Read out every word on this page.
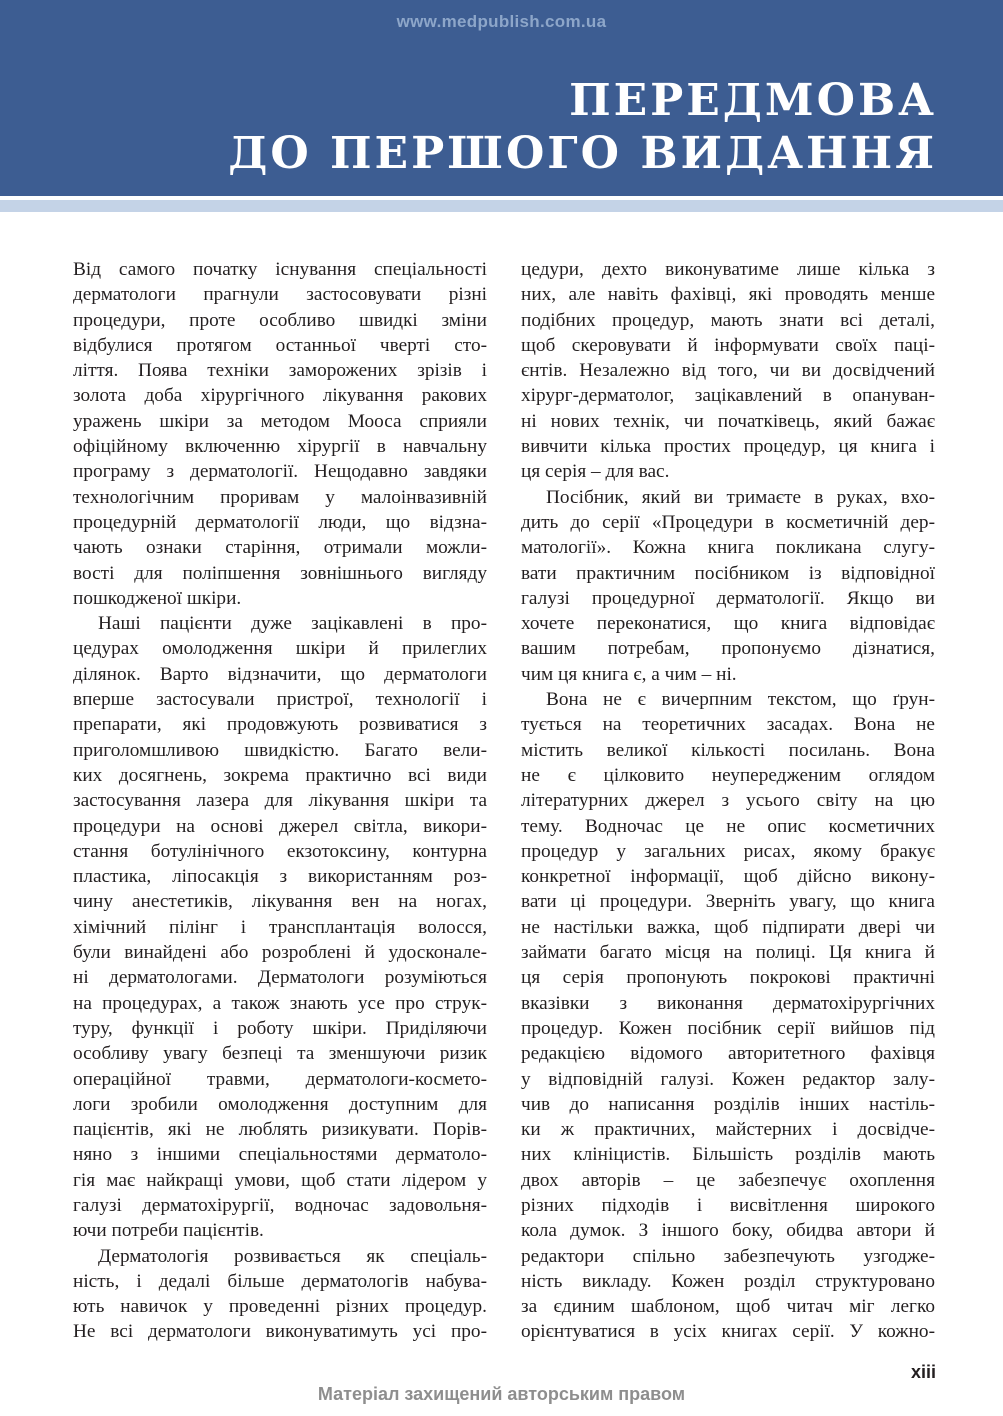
www.medpublish.com.ua
ПЕРЕДМОВА
ДО ПЕРШОГО ВИДАННЯ

Від самого початку існування спеціальності
дерматологи прагнули застосовувати різні
процедури, проте особливо швидкі зміни
відбулися протягом останньої чверті сто-
ліття. Поява техніки заморожених зрізів і
золота доба хірургічного лікування ракових
уражень шкіри за методом Мооса сприяли
офіційному включенню хірургії в навчальну
програму з дерматології. Нещодавно завдяки
технологічним проривам у малоінвазивній
процедурній дерматології люди, що відзна-
чають ознаки старіння, отримали можли-
вості для поліпшення зовнішнього вигляду
пошкодженої шкіри.

Наші пацієнти дуже зацікавлені в про-
цедурах омолодження шкіри й прилеглих
ділянок. Варто відзначити, що дерматологи
вперше застосували пристрої, технології і
препарати, які продовжують розвиватися з
приголомшливою швидкістю. Багато вели-
ких досягнень, зокрема практично всі види
застосування лазера для лікування шкіри та
процедури на основі джерел світла, викори-
стання ботулінічного екзотоксину, контурна
пластика, ліпосакція з використанням роз-
чину анестетиків, лікування вен на ногах,
хімічний пілінг і трансплантація волосся,
були винайдені або розроблені й удосконале-
ні дерматологами. Дерматологи розуміються
на процедурах, а також знають усе про струк-
туру, функції і роботу шкіри. Приділяючи
особливу увагу безпеці та зменшуючи ризик
операційної травми, дерматологи-космето-
логи зробили омолодження доступним для
пацієнтів, які не люблять ризикувати. Порів-
няно з іншими спеціальностями дерматоло-
гія має найкращі умови, щоб стати лідером у
галузі дерматохірургії, водночас задовольня-
ючи потреби пацієнтів.

Дерматологія розвивається як спеціаль-
ність, і дедалі більше дерматологів набува-
ють навичок у проведенні різних процедур.
Не всі дерматологи виконуватимуть усі про-

цедури, дехто виконуватиме лише кілька з
них, але навіть фахівці, які проводять менше
подібних процедур, мають знати всі деталі,
щоб скеровувати й інформувати своїх паці-
єнтів. Незалежно від того, чи ви досвідчений
хірург-дерматолог, зацікавлений в опануван-
ні нових технік, чи початківець, який бажає
вивчити кілька простих процедур, ця книга і
ця серія – для вас.

Посібник, який ви тримаєте в руках, вхо-
дить до серії «Процедури в косметичній дер-
матології». Кожна книга покликана слугу-
вати практичним посібником із відповідної
галузі процедурної дерматології. Якщо ви
хочете переконатися, що книга відповідає
вашим потребам, пропонуємо дізнатися,
чим ця книга є, а чим – ні.

Вона не є вичерпним текстом, що ґрун-
тується на теоретичних засадах. Вона не
містить великої кількості посилань. Вона
не є цілковито неупередженим оглядом
літературних джерел з усього світу на цю
тему. Водночас це не опис косметичних
процедур у загальних рисах, якому бракує
конкретної інформації, щоб дійсно викону-
вати ці процедури. Зверніть увагу, що книга
не настільки важка, щоб підпирати двері чи
займати багато місця на полиці. Ця книга й
ця серія пропонують покрокові практичні
вказівки з виконання дерматохірургічних
процедур. Кожен посібник серії вийшов під
редакцією відомого авторитетного фахівця
у відповідній галузі. Кожен редактор залу-
чив до написання розділів інших настіль-
ки ж практичних, майстерних і досвідче-
них клініцистів. Більшість розділів мають
двох авторів – це забезпечує охоплення
різних підходів і висвітлення широкого
кола думок. З іншого боку, обидва автори й
редактори спільно забезпечують узгодже-
ність викладу. Кожен розділ структуровано
за єдиним шаблоном, щоб читач міг легко
орієнтуватися в усіх книгах серії. У кожно-

xiii
Матеріал захищений авторським правом
